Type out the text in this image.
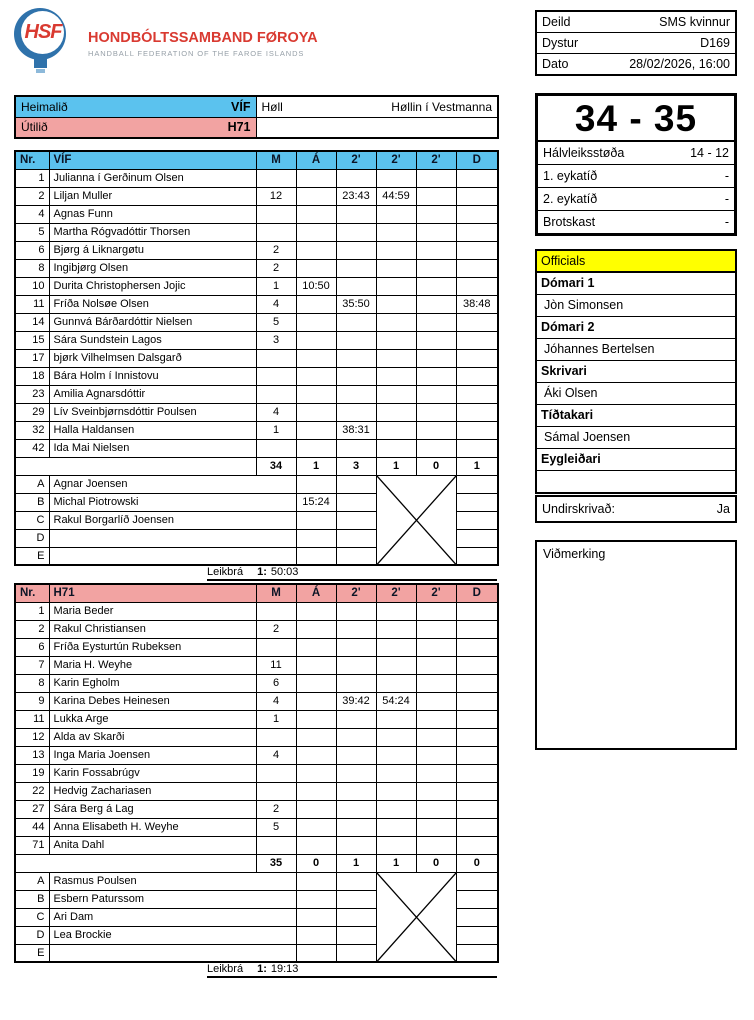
HSF HONDBÓLTSSAMBAND FØROYA
HANDBALL FEDERATION OF THE FAROE ISLANDS
Deild	SMS kvinnur
Dystur	D169
Dato	28/02/2026, 16:00
34 - 35
Hálvleiksstøða	14 - 12
1. eykatíð	-
2. eykatíð	-
Brotskast	-
Officials
Dómari 1
Jòn Simonsen
Dómari 2
Jóhannes Bertelsen
Skrivari
Áki Olsen
Tíðtakari
Sámal Joensen
Eygleiðari
Undirskrivað:	Ja
Viðmerking
Heimalið VÍF	Høll Høllin í Vestmanna

Útilið H71	

Nr.	VÍF	M	Á	2'	2'	2'	D
1	Julianna í Gerðinum Olsen						
2	Liljan Muller	12		23:43	44:59		
4	Agnas Funn						
5	Martha Rógvadóttir Thorsen						
6	Bjørg á Liknargøtu	2					
8	Ingibjørg Olsen	2					
10	Durita Christophersen Jojic	1	10:50				
11	Fríða Nolsøe Olsen	4		35:50			38:48
14	Gunnvá Bárðardóttir Nielsen	5					
15	Sára Sundstein Lagos	3					
17	bjørk Vilhelmsen Dalsgarð						
18	Bára Holm í Innistovu						
23	Amilia Agnarsdóttir						
29	Lív Sveinbjørnsdóttir Poulsen	4					
32	Halla Haldansen	1		38:31			
42	Ida Mai Nielsen						
		34	1	3	1	0	1
A	Agnar Joensen			

B	Michal Piotrowski		15:24				
C	Rakul Borgarlíð Joensen						
D							
E							
Leikbrá 1: 50:03
Nr.	H71	M	Á	2'	2'	2'	D
1	Maria Beder						
2	Rakul Christiansen	2					
6	Fríða Eysturtún Rubeksen						
7	Maria H. Weyhe	11					
8	Karin Egholm	6					
9	Karina Debes Heinesen	4		39:42	54:24		
11	Lukka Arge	1					
12	Alda av Skarði						
13	Inga Maria Joensen	4					
19	Karin Fossabrúgv						
22	Hedvig Zachariasen						
27	Sára Berg á Lag	2					
44	Anna Elisabeth H. Weyhe	5					
71	Anita Dahl						
		35	0	1	1	0	0
A	Rasmus Poulsen			

B	Esbern Paturssom						
C	Ari Dam						
D	Lea Brockie						
E							
Leikbrá 1: 19:13
